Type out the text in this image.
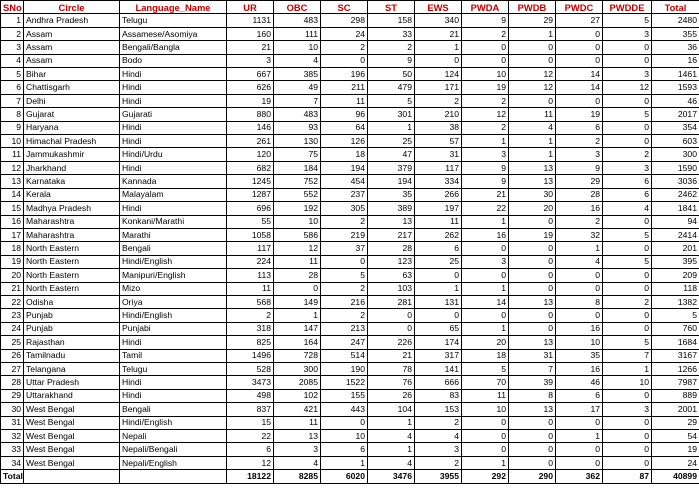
SNo	Circle	Language_Name	UR	OBC	SC	ST	EWS	PWDA	PWDB	PWDC	PWDDE	Total
1	Andhra Pradesh	Telugu	1131	483	298	158	340	9	29	27	5	2480
2	Assam	Assamese/Asomiya	160	111	24	33	21	2	1	0	3	355
3	Assam	Bengali/Bangla	21	10	2	2	1	0	0	0	0	36
4	Assam	Bodo	3	4	0	9	0	0	0	0	0	16
5	Bihar	Hindi	667	385	196	50	124	10	12	14	3	1461
6	Chattisgarh	Hindi	626	49	211	479	171	19	12	14	12	1593
7	Delhi	Hindi	19	7	11	5	2	2	0	0	0	46
8	Gujarat	Gujarati	880	483	96	301	210	12	11	19	5	2017
9	Haryana	Hindi	146	93	64	1	38	2	4	6	0	354
10	Himachal Pradesh	Hindi	261	130	126	25	57	1	1	2	0	603
11	Jammukashmir	Hindi/Urdu	120	75	18	47	31	3	1	3	2	300
12	Jharkhand	Hindi	682	184	194	379	117	9	13	9	3	1590
13	Karnataka	Kannada	1245	752	454	194	334	9	13	29	6	3036
14	Kerala	Malayalam	1287	552	237	35	266	21	30	28	6	2462
15	Madhya Pradesh	Hindi	696	192	305	389	197	22	20	16	4	1841
16	Maharashtra	Konkani/Marathi	55	10	2	13	11	1	0	2	0	94
17	Maharashtra	Marathi	1058	586	219	217	262	16	19	32	5	2414
18	North Eastern	Bengali	117	12	37	28	6	0	0	1	0	201
19	North Eastern	Hindi/English	224	11	0	123	25	3	0	4	5	395
20	North Eastern	Manipuri/English	113	28	5	63	0	0	0	0	0	209
21	North Eastern	Mizo	11	0	2	103	1	1	0	0	0	118
22	Odisha	Oriya	568	149	216	281	131	14	13	8	2	1382
23	Punjab	Hindi/English	2	1	2	0	0	0	0	0	0	5
24	Punjab	Punjabi	318	147	213	0	65	1	0	16	0	760
25	Rajasthan	Hindi	825	164	247	226	174	20	13	10	5	1684
26	Tamilnadu	Tamil	1496	728	514	21	317	18	31	35	7	3167
27	Telangana	Telugu	528	300	190	78	141	5	7	16	1	1266
28	Uttar Pradesh	Hindi	3473	2085	1522	76	666	70	39	46	10	7987
29	Uttarakhand	Hindi	498	102	155	26	83	11	8	6	0	889
30	West Bengal	Bengali	837	421	443	104	153	10	13	17	3	2001
31	West Bengal	Hindi/English	15	11	0	1	2	0	0	0	0	29
32	West Bengal	Nepali	22	13	10	4	4	0	0	1	0	54
33	West Bengal	Nepali/Bengali	6	3	6	1	3	0	0	0	0	19
34	West Bengal	Nepali/English	12	4	1	4	2	1	0	0	0	24
Total			18122	8285	6020	3476	3955	292	290	362	87	40899
